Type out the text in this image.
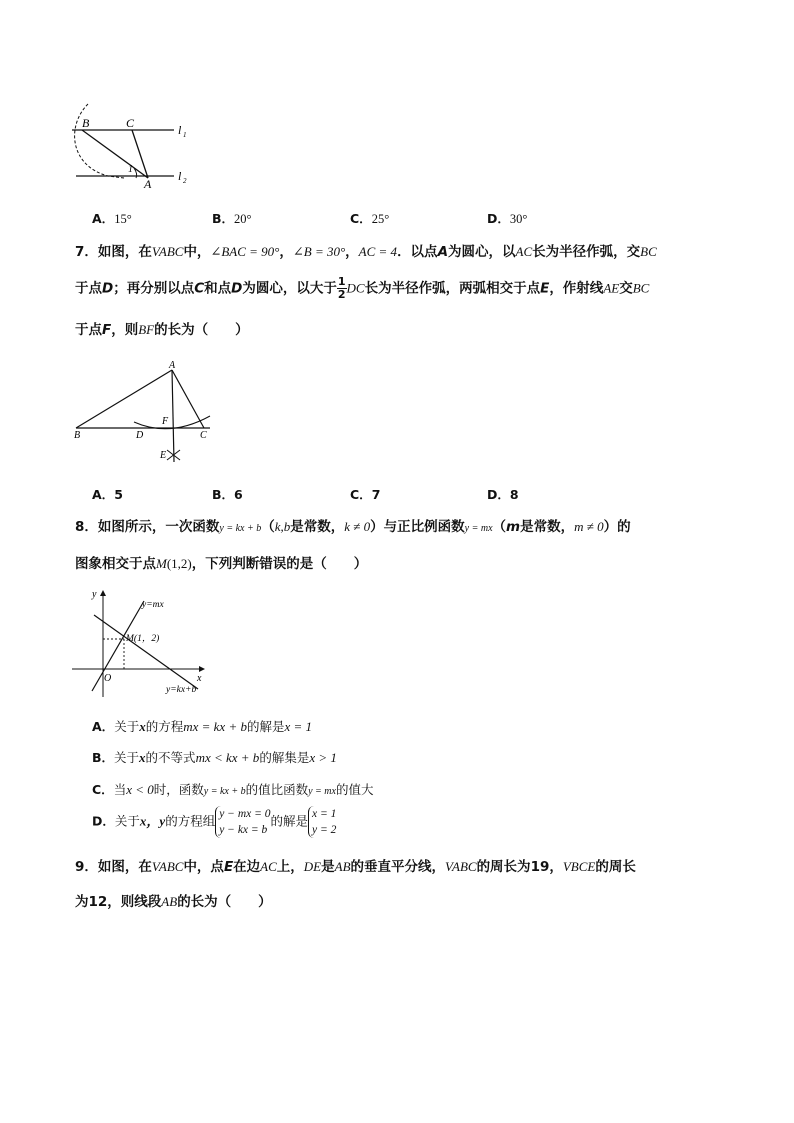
B	C
A
1
l 1
l 2
A．15°	B．20°	C．25°	D．30°
7．如图，在VABC中，∠BAC = 90°，∠B = 30°，AC = 4．以点A为圆心，以AC长为半径作弧，交BC
于点D；再分别以点C和点D为圆心，以大于 $\frac{1}{2}$ DC长为半径作弧，两弧相交于点E，作射线AE交BC
于点F，则BF的长为（　　）
A
B	C
D
E
F
A．5	B．6	C．7	D．8
8．如图所示，一次函数y = kx + b（k,b是常数，k ≠ 0）与正比例函数y = mx（m是常数，m ≠ 0）的
图象相交于点M(1,2)，下列判断错误的是（　　）
y
x
O
y=mx
y=kx+b
M(1，2)
A．关于x的方程mx = kx + b的解是x = 1
B．关于x的不等式mx < kx + b的解集是x > 1
C．当x < 0时，函数y = kx + b的值比函数y = mx的值大
D．关于x，y的方程组 y − mx = 0
y − kx = b
的解是 x = 1
y = 2
9．如图，在VABC中，点E在边AC上，DE是AB的垂直平分线，VABC的周长为19，VBCE的周长
为12，则线段AB的长为（　　）
